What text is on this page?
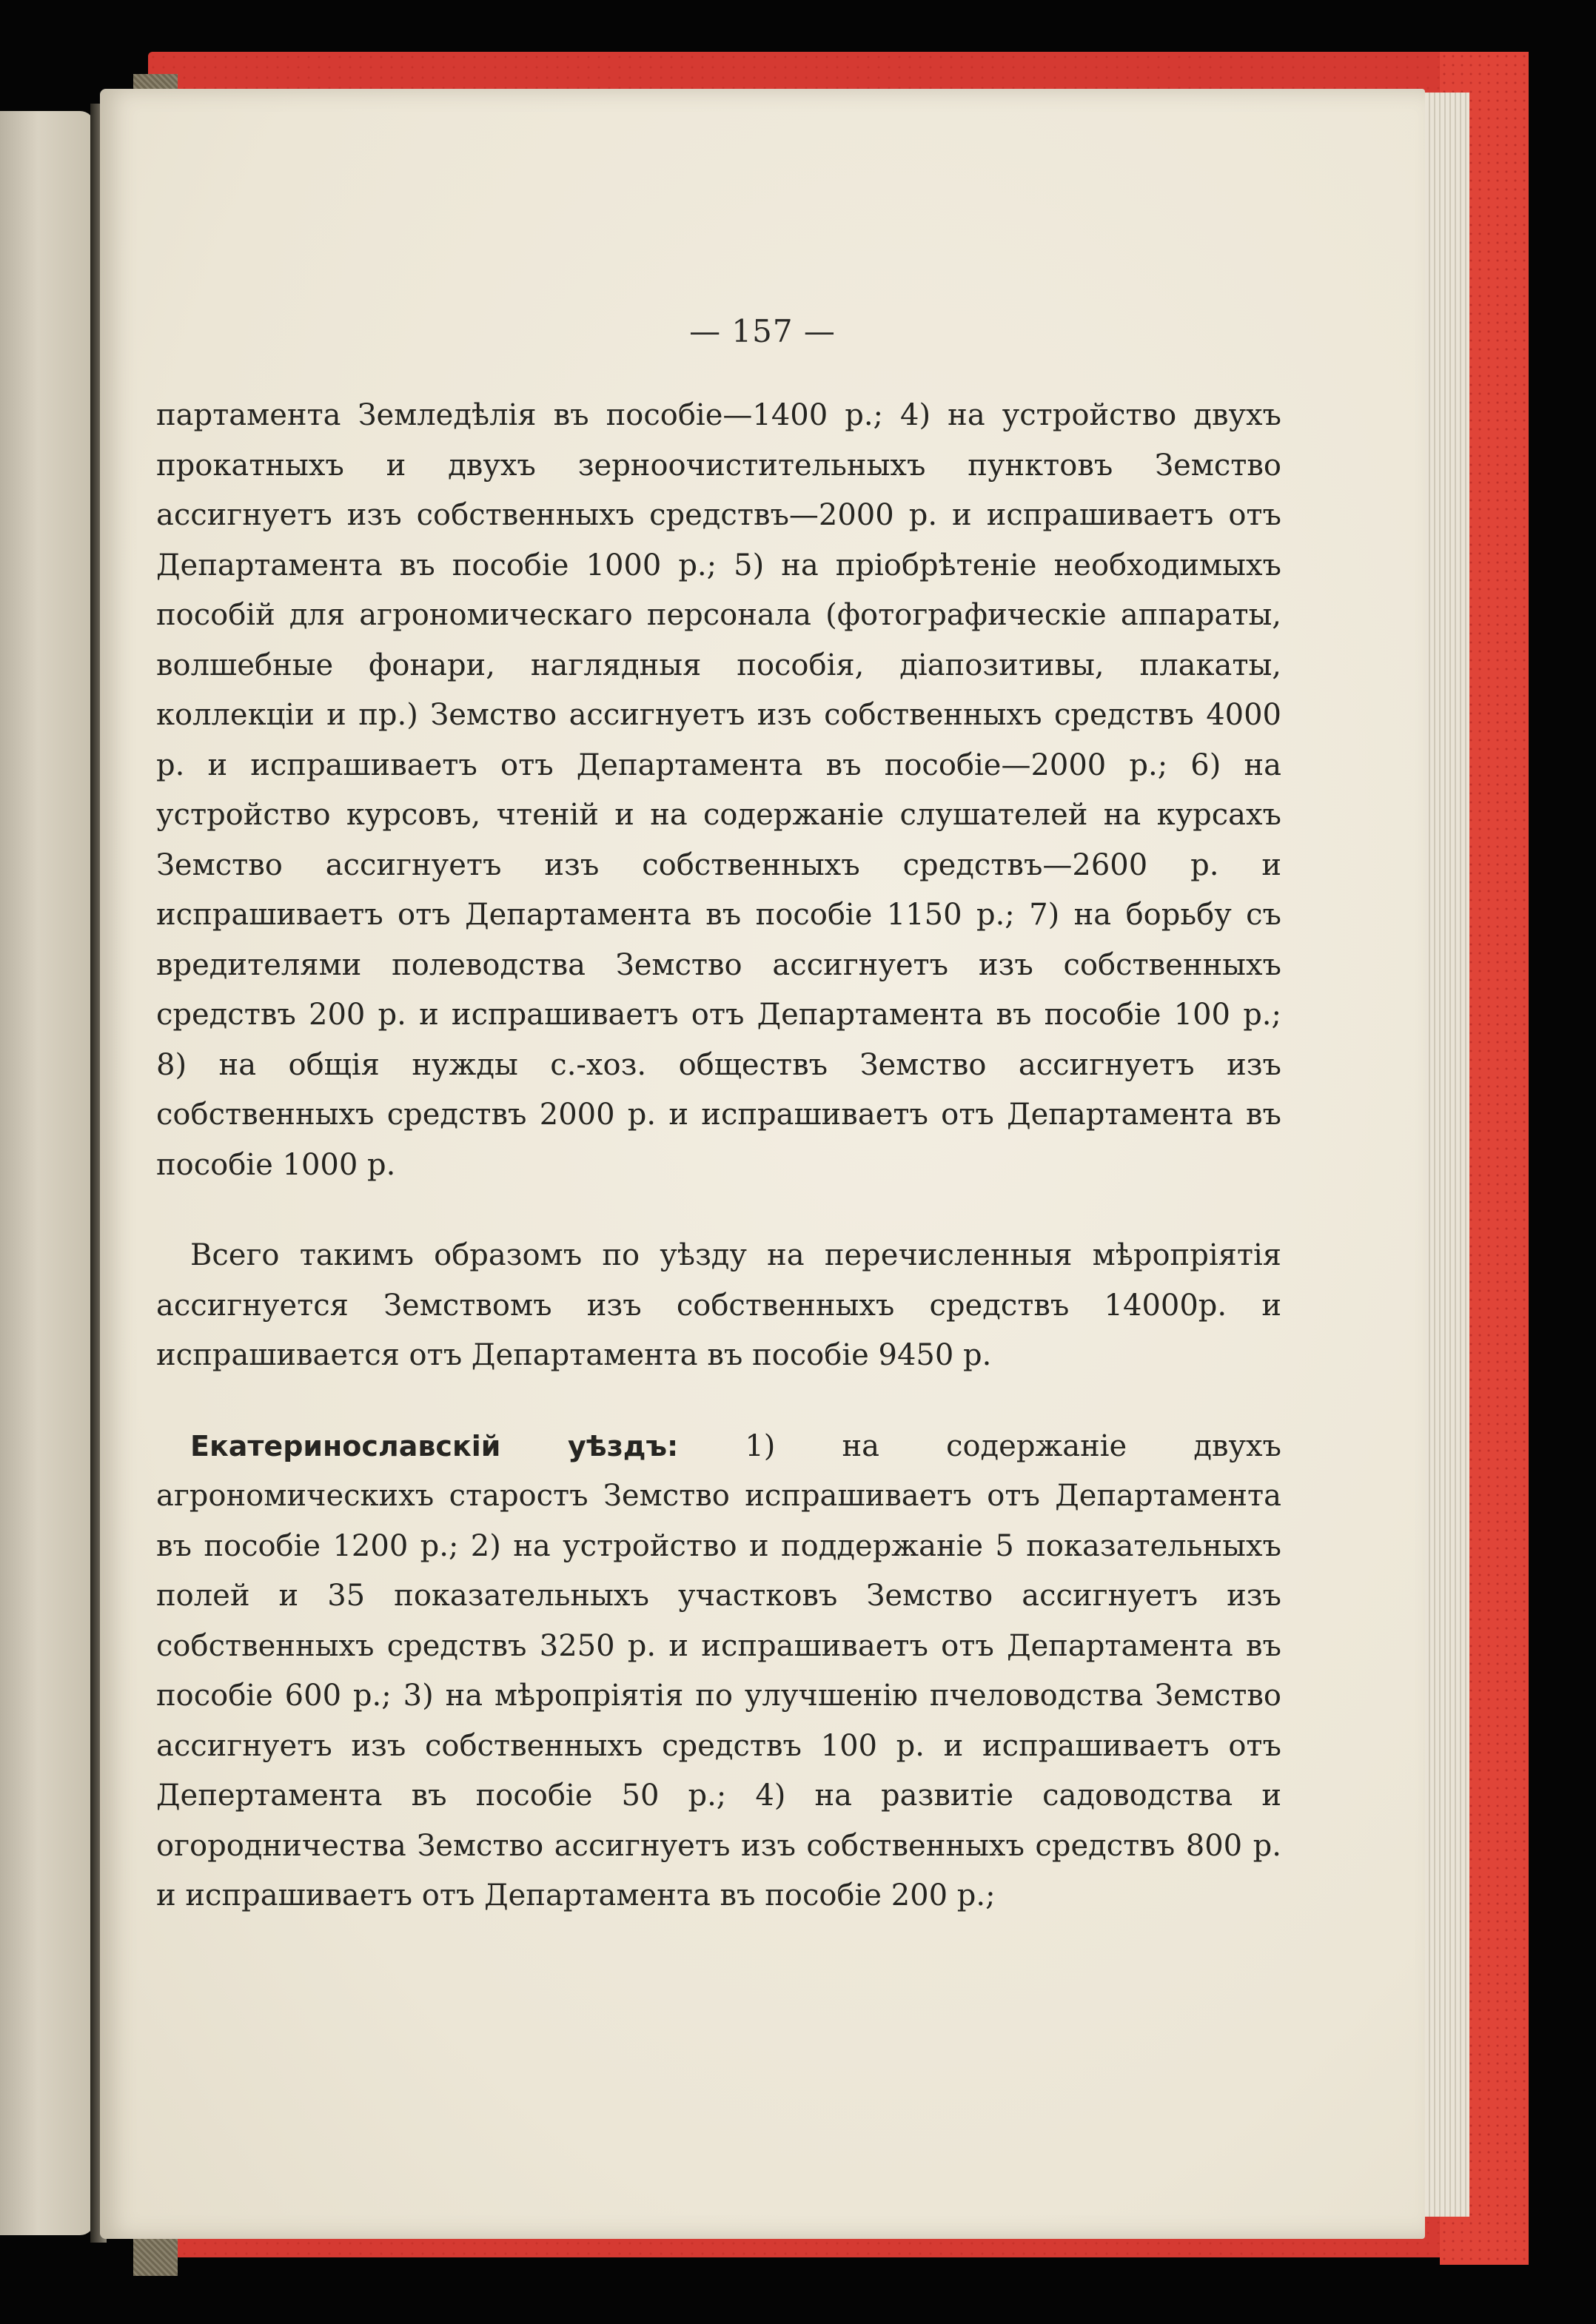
— 157 —

партамента Земледѣлія въ пособіе—1400 р.; 4) на устройство двухъ прокатныхъ и двухъ зерноочистительныхъ пунктовъ Земство ассигнуетъ изъ собственныхъ средствъ—2000 р. и испрашиваетъ отъ Департамента въ пособіе 1000 р.; 5) на пріобрѣтеніе необходимыхъ пособій для агрономическаго персонала (фотографическіе аппараты, волшебные фонари, наглядныя пособія, діапозитивы, плакаты, коллекціи и пр.) Земство ассигнуетъ изъ собственныхъ средствъ 4000 р. и испрашиваетъ отъ Департамента въ пособіе—2000 р.; 6) на устройство курсовъ, чтеній и на содержаніе слушателей на курсахъ Земство ассигнуетъ изъ собственныхъ средствъ—2600 р. и испрашиваетъ отъ Департамента въ пособіе 1150 р.; 7) на борьбу съ вредителями полеводства Земство ассигнуетъ изъ собственныхъ средствъ 200 р. и испрашиваетъ отъ Департамента въ пособіе 100 р.; 8) на общія нужды с.-хоз. обществъ Земство ассигнуетъ изъ собственныхъ средствъ 2000 р. и испрашиваетъ отъ Департамента въ пособіе 1000 р.

Всего такимъ образомъ по уѣзду на перечисленныя мѣропріятія ассигнуется Земствомъ изъ собственныхъ средствъ 14000р. и испрашивается отъ Департамента въ пособіе 9450 р.

Екатеринославскій уѣздъ: 1) на содержаніе двухъ агрономическихъ старостъ Земство испрашиваетъ отъ Департамента въ пособіе 1200 р.; 2) на устройство и поддержаніе 5 показательныхъ полей и 35 показательныхъ участковъ Земство ассигнуетъ изъ собственныхъ средствъ 3250 р. и испрашиваетъ отъ Департамента въ пособіе 600 р.; 3) на мѣропріятія по улучшенію пчеловодства Земство ассигнуетъ изъ собственныхъ средствъ 100 р. и испрашиваетъ отъ Депертамента въ пособіе 50 р.; 4) на развитіе садоводства и огородничества Земство ассигнуетъ изъ собственныхъ средствъ 800 р. и испрашиваетъ отъ Департамента въ пособіе 200 р.;
